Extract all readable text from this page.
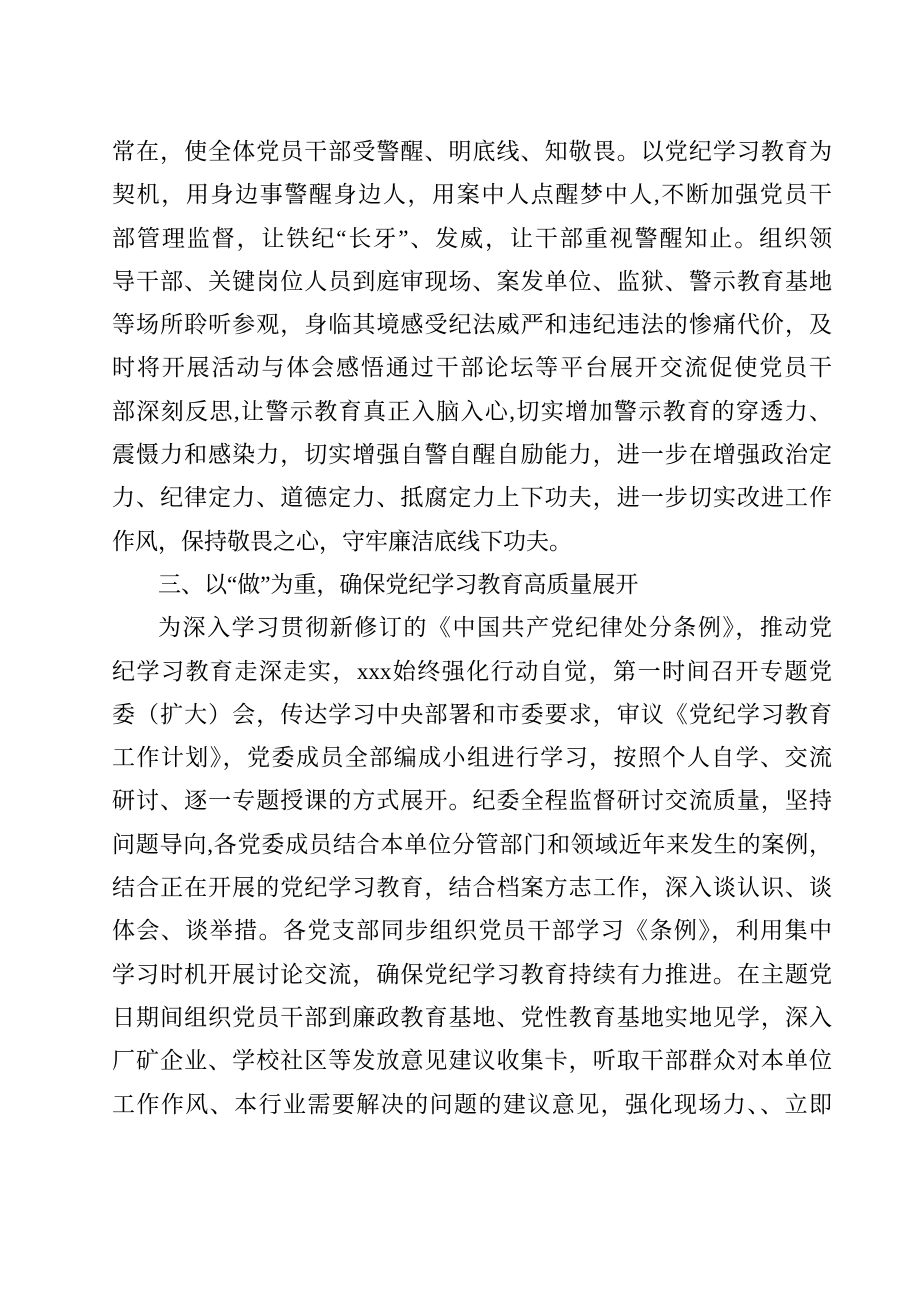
常在，使全体党员干部受警醒、明底线、知敬畏。以党纪学习教育为
契机，用身边事警醒身边人，用案中人点醒梦中人,不断加强党员干
部管理监督，让铁纪“长牙”、发威，让干部重视警醒知止。组织领
导干部、关键岗位人员到庭审现场、案发单位、监狱、警示教育基地
等场所聆听参观，身临其境感受纪法威严和违纪违法的惨痛代价，及
时将开展活动与体会感悟通过干部论坛等平台展开交流促使党员干
部深刻反思,让警示教育真正入脑入心,切实增加警示教育的穿透力、
震慑力和感染力，切实增强自警自醒自励能力，进一步在增强政治定
力、纪律定力、道德定力、抵腐定力上下功夫，进一步切实改进工作
作风，保持敬畏之心，守牢廉洁底线下功夫。
三、以“做”为重，确保党纪学习教育高质量展开
为深入学习贯彻新修订的《中国共产党纪律处分条例》，推动党
纪学习教育走深走实，xxx始终强化行动自觉，第一时间召开专题党
委（扩大）会，传达学习中央部署和市委要求，审议《党纪学习教育
工作计划》，党委成员全部编成小组进行学习，按照个人自学、交流
研讨、逐一专题授课的方式展开。纪委全程监督研讨交流质量，坚持
问题导向,各党委成员结合本单位分管部门和领域近年来发生的案例，
结合正在开展的党纪学习教育，结合档案方志工作，深入谈认识、谈
体会、谈举措。各党支部同步组织党员干部学习《条例》，利用集中
学习时机开展讨论交流，确保党纪学习教育持续有力推进。在主题党
日期间组织党员干部到廉政教育基地、党性教育基地实地见学，深入
厂矿企业、学校社区等发放意见建议收集卡，听取干部群众对本单位
工作作风、本行业需要解决的问题的建议意见，强化现场力、、立即
